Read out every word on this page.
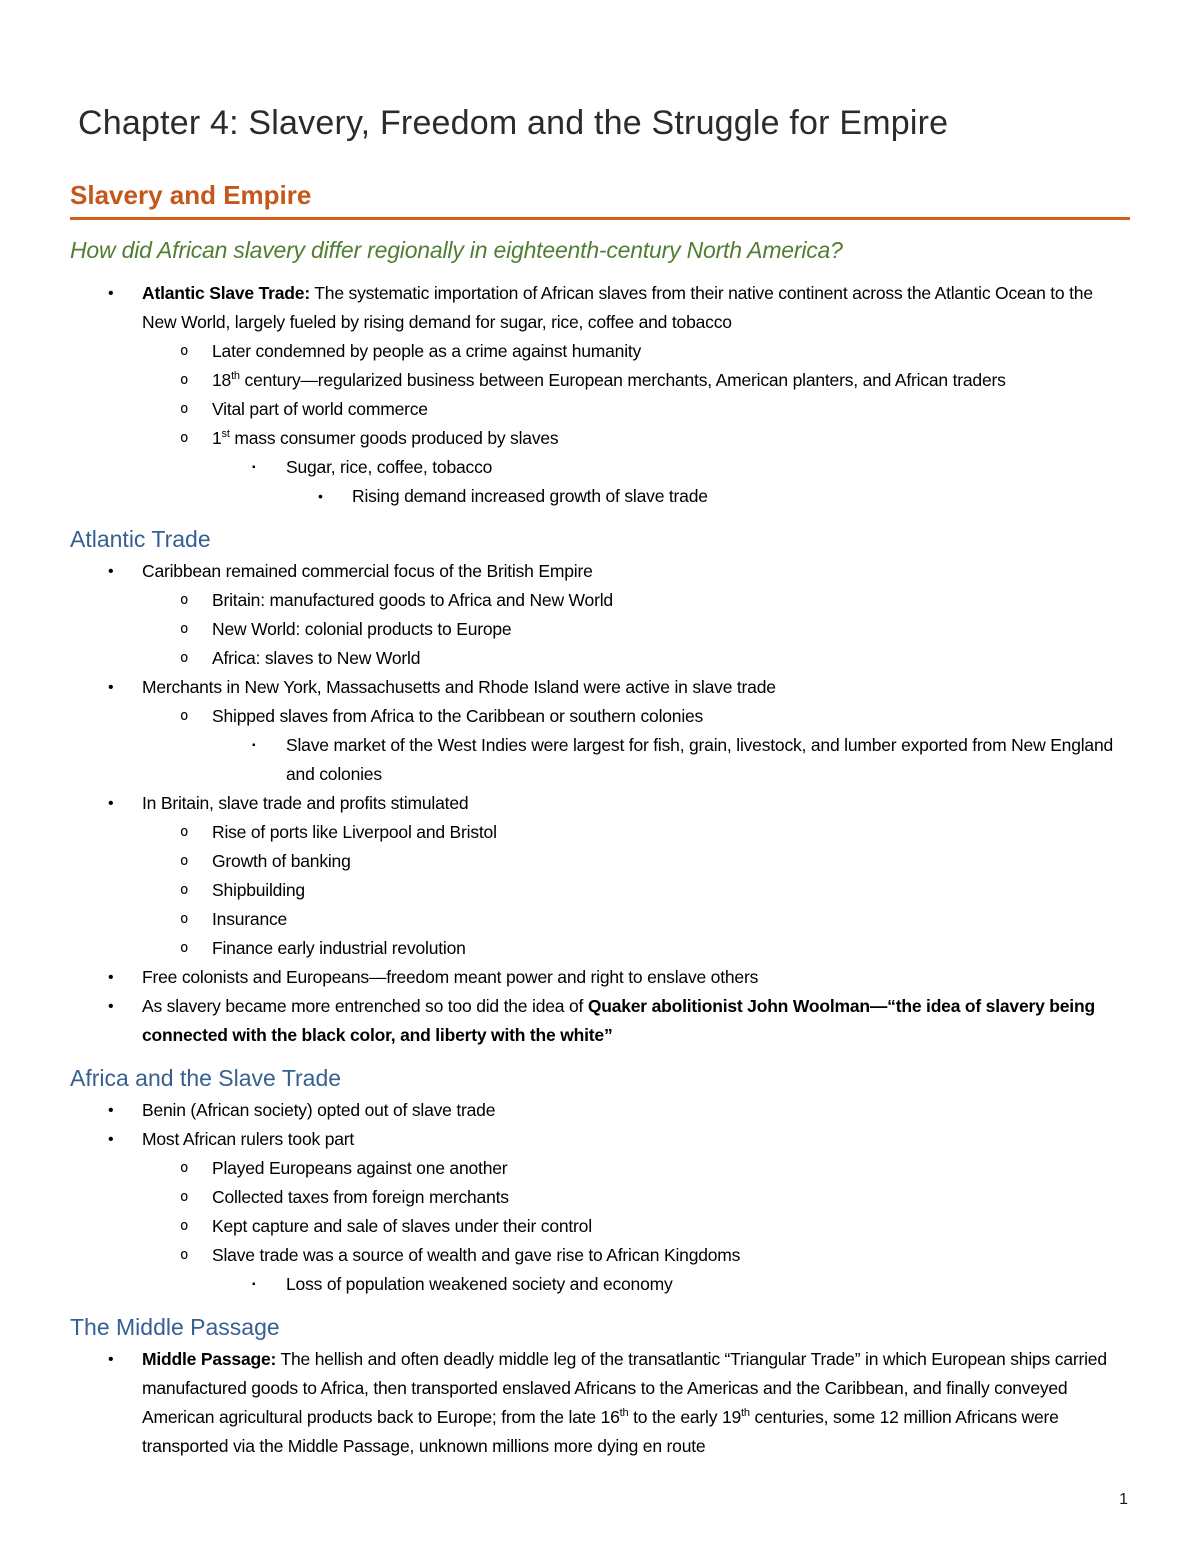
Chapter 4: Slavery, Freedom and the Struggle for Empire
Slavery and Empire
How did African slavery differ regionally in eighteenth-century North America?
•	Atlantic Slave Trade: The systematic importation of African slaves from their native continent across the Atlantic Ocean to the New World, largely fueled by rising demand for sugar, rice, coffee and tobacco
o	Later condemned by people as a crime against humanity
o	18th century—regularized business between European merchants, American planters, and African traders
o	Vital part of world commerce
o	1st mass consumer goods produced by slaves
▪	Sugar, rice, coffee, tobacco
•	Rising demand increased growth of slave trade
Atlantic Trade
•	Caribbean remained commercial focus of the British Empire
o	Britain: manufactured goods to Africa and New World
o	New World: colonial products to Europe
o	Africa: slaves to New World
•	Merchants in New York, Massachusetts and Rhode Island were active in slave trade
o	Shipped slaves from Africa to the Caribbean or southern colonies
▪	Slave market of the West Indies were largest for fish, grain, livestock, and lumber exported from New England and colonies
•	In Britain, slave trade and profits stimulated
o	Rise of ports like Liverpool and Bristol
o	Growth of banking
o	Shipbuilding
o	Insurance
o	Finance early industrial revolution
•	Free colonists and Europeans—freedom meant power and right to enslave others
•	As slavery became more entrenched so too did the idea of Quaker abolitionist John Woolman—“the idea of slavery being connected with the black color, and liberty with the white”
Africa and the Slave Trade
•	Benin (African society) opted out of slave trade
•	Most African rulers took part
o	Played Europeans against one another
o	Collected taxes from foreign merchants
o	Kept capture and sale of slaves under their control
o	Slave trade was a source of wealth and gave rise to African Kingdoms
▪	Loss of population weakened society and economy
The Middle Passage
•	Middle Passage: The hellish and often deadly middle leg of the transatlantic “Triangular Trade” in which European ships carried manufactured goods to Africa, then transported enslaved Africans to the Americas and the Caribbean, and finally conveyed American agricultural products back to Europe; from the late 16th to the early 19th centuries, some 12 million Africans were transported via the Middle Passage, unknown millions more dying en route
1
